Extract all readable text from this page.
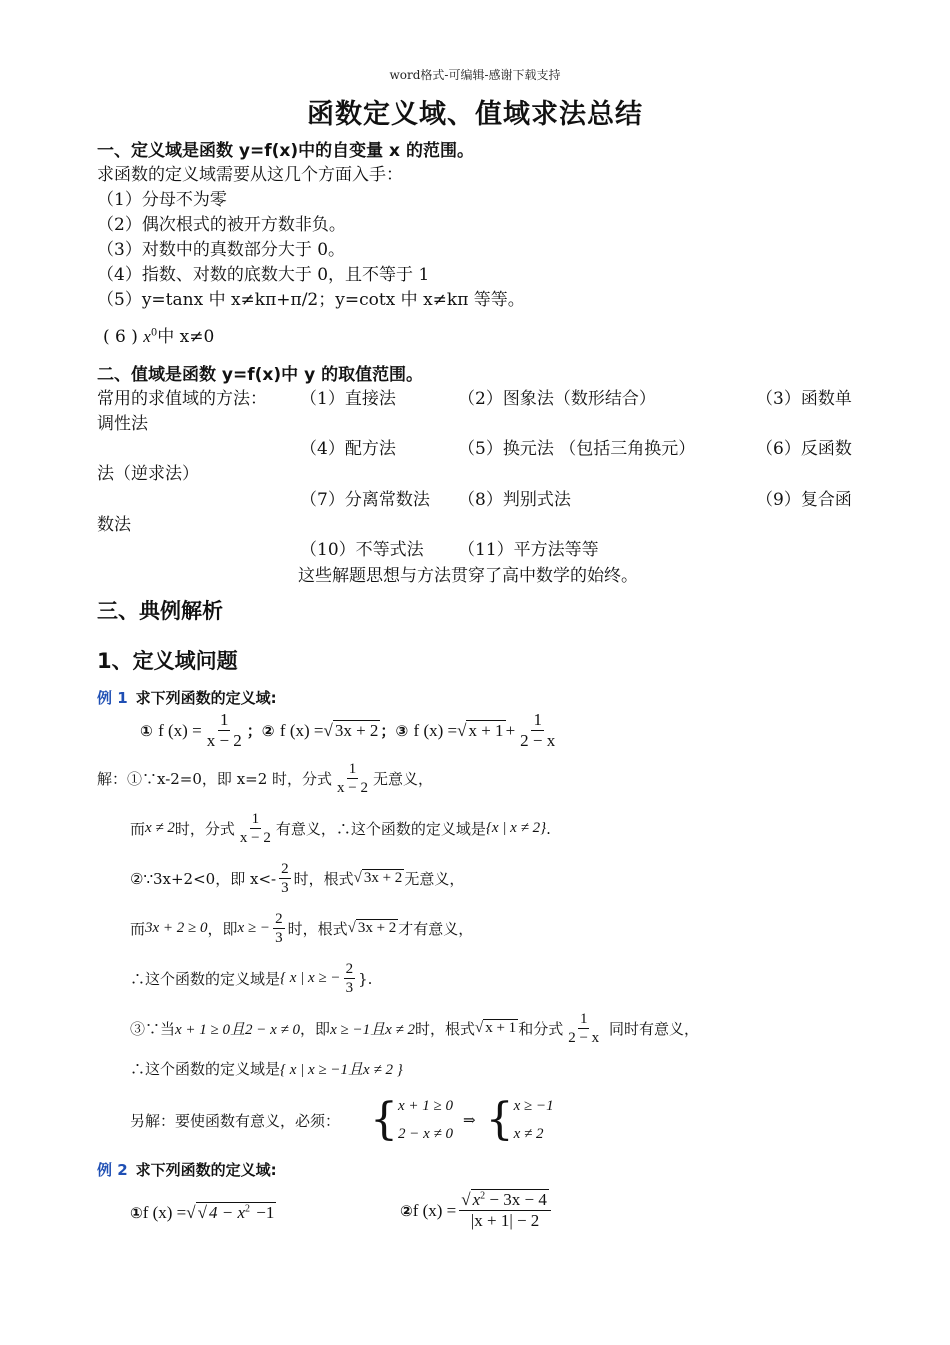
word格式-可编辑-感谢下载支持
函数定义域、值域求法总结
一、定义域是函数 y=f(x)中的自变量 x 的范围。
求函数的定义域需要从这几个方面入手：
（1）分母不为零
（2）偶次根式的被开方数非负。
（3）对数中的真数部分大于 0。
（4）指数、对数的底数大于 0，且不等于 1
（5）y=tanx 中 x≠kπ+π/2；y=cotx 中 x≠kπ 等等。
( 6 ) $x^0$中 x≠0
二、值域是函数 y=f(x)中 y 的取值范围。
常用的求值域的方法： （1）直接法	（2）图象法（数形结合）	（3）函数单
调性法
（4）配方法	（5）换元法 （包括三角换元）	（6）反函数
法（逆求法）
（7）分离常数法 （8）判别式法	（9）复合函
数法
（10）不等式法 （11）平方法等等
这些解题思想与方法贯穿了高中数学的始终。
三、典例解析
1、定义域问题
例 1 求下列函数的定义域:
①
f $(x) = \frac{1}{x - 2}$ ； ②
f (x) = √ 3x + 2 ； ③
f (x) = √ $x + 1 + \frac{1}{2 - x}$
解：①∵x-2=0，即 x=2 时，分式 $\frac{1}{x - 2}$ 无意义，
而 x ≠ 2 时，分式 $\frac{1}{x - 2}$ 有意义，∴这个函数的定义域是 {x | x ≠ 2} .
②∵3x+2<0，即 $x<- \frac{2}{3}$ 时，根式 √ 3x + 2 无意义，
而 3x + 2 ≥ 0 ，即 x ≥ − $\frac{2}{3}$ 时，根式 √ 3x + 2 才有意义，
∴这个函数的定义域是 { x | x ≥ − $\frac{2}{3}$ }.
③∵当 x + 1 ≥ 0且2 − x ≠ 0 ，即 x ≥ −1且x ≠ 2 时，根式 √ x + 1 和分式 $\frac{1}{2 - x}$
同时有意义，
∴这个函数的定义域是{ x | x ≥ −1且x ≠ 2 }
另解：要使函数有意义，必须： { x + 1 ≥ 0
2 − x ≠ 0
⇒ { x ≥ −1
x ≠ 2
例 2 求下列函数的定义域:
① f (x) = √ √ $4 - x^2 -1$	② f $(x) = \frac{√ x^2 - 3x - 4}{|x + 1| - 2}$
